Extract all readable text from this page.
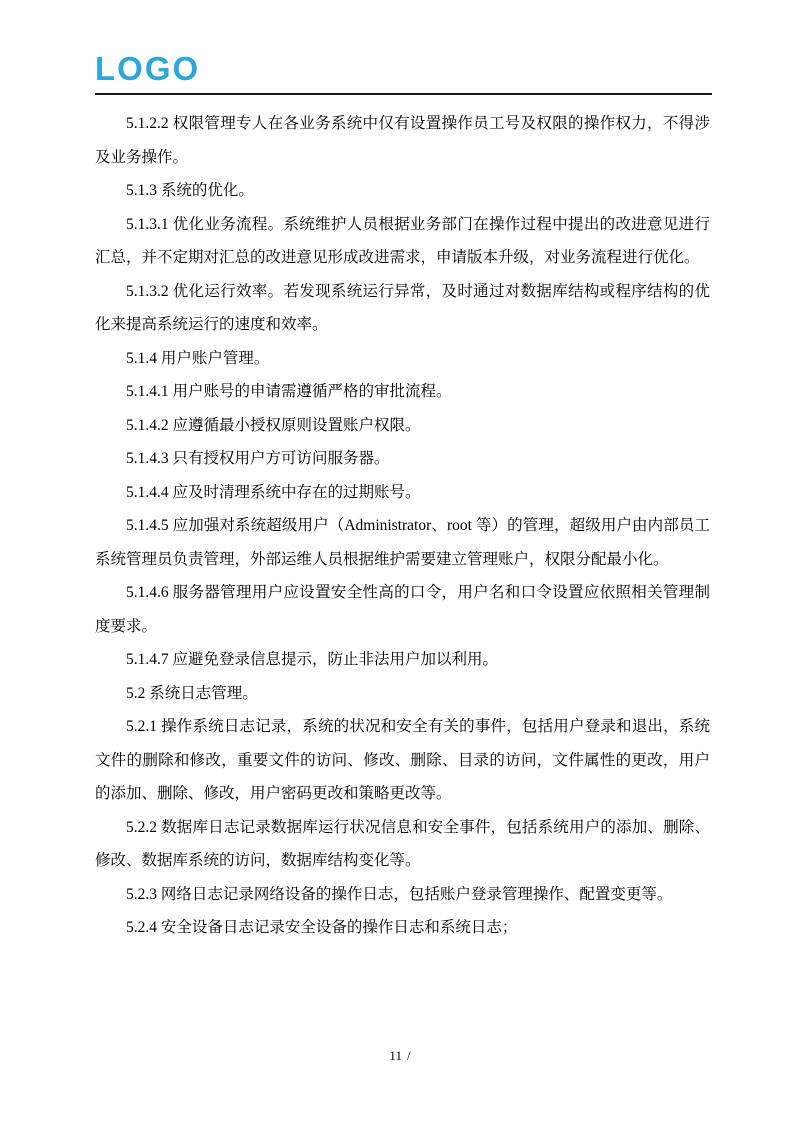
LOGO

5.1.2.2 权限管理专人在各业务系统中仅有设置操作员工号及权限的操作权力，不得涉及业务操作。

5.1.3 系统的优化。

5.1.3.1 优化业务流程。系统维护人员根据业务部门在操作过程中提出的改进意见进行汇总，并不定期对汇总的改进意见形成改进需求，申请版本升级，对业务流程进行优化。

5.1.3.2 优化运行效率。若发现系统运行异常，及时通过对数据库结构或程序结构的优化来提高系统运行的速度和效率。

5.1.4 用户账户管理。

5.1.4.1 用户账号的申请需遵循严格的审批流程。

5.1.4.2 应遵循最小授权原则设置账户权限。

5.1.4.3 只有授权用户方可访问服务器。

5.1.4.4 应及时清理系统中存在的过期账号。

5.1.4.5 应加强对系统超级用户（Administrator、root 等）的管理，超级用户由内部员工系统管理员负责管理，外部运维人员根据维护需要建立管理账户，权限分配最小化。

5.1.4.6 服务器管理用户应设置安全性高的口令，用户名和口令设置应依照相关管理制度要求。

5.1.4.7 应避免登录信息提示，防止非法用户加以利用。

5.2 系统日志管理。

5.2.1 操作系统日志记录，系统的状况和安全有关的事件，包括用户登录和退出，系统文件的删除和修改，重要文件的访问、修改、删除、目录的访问，文件属性的更改，用户的添加、删除、修改，用户密码更改和策略更改等。

5.2.2 数据库日志记录数据库运行状况信息和安全事件，包括系统用户的添加、删除、修改、数据库系统的访问，数据库结构变化等。

5.2.3 网络日志记录网络设备的操作日志，包括账户登录管理操作、配置变更等。

5.2.4 安全设备日志记录安全设备的操作日志和系统日志；

11 /
